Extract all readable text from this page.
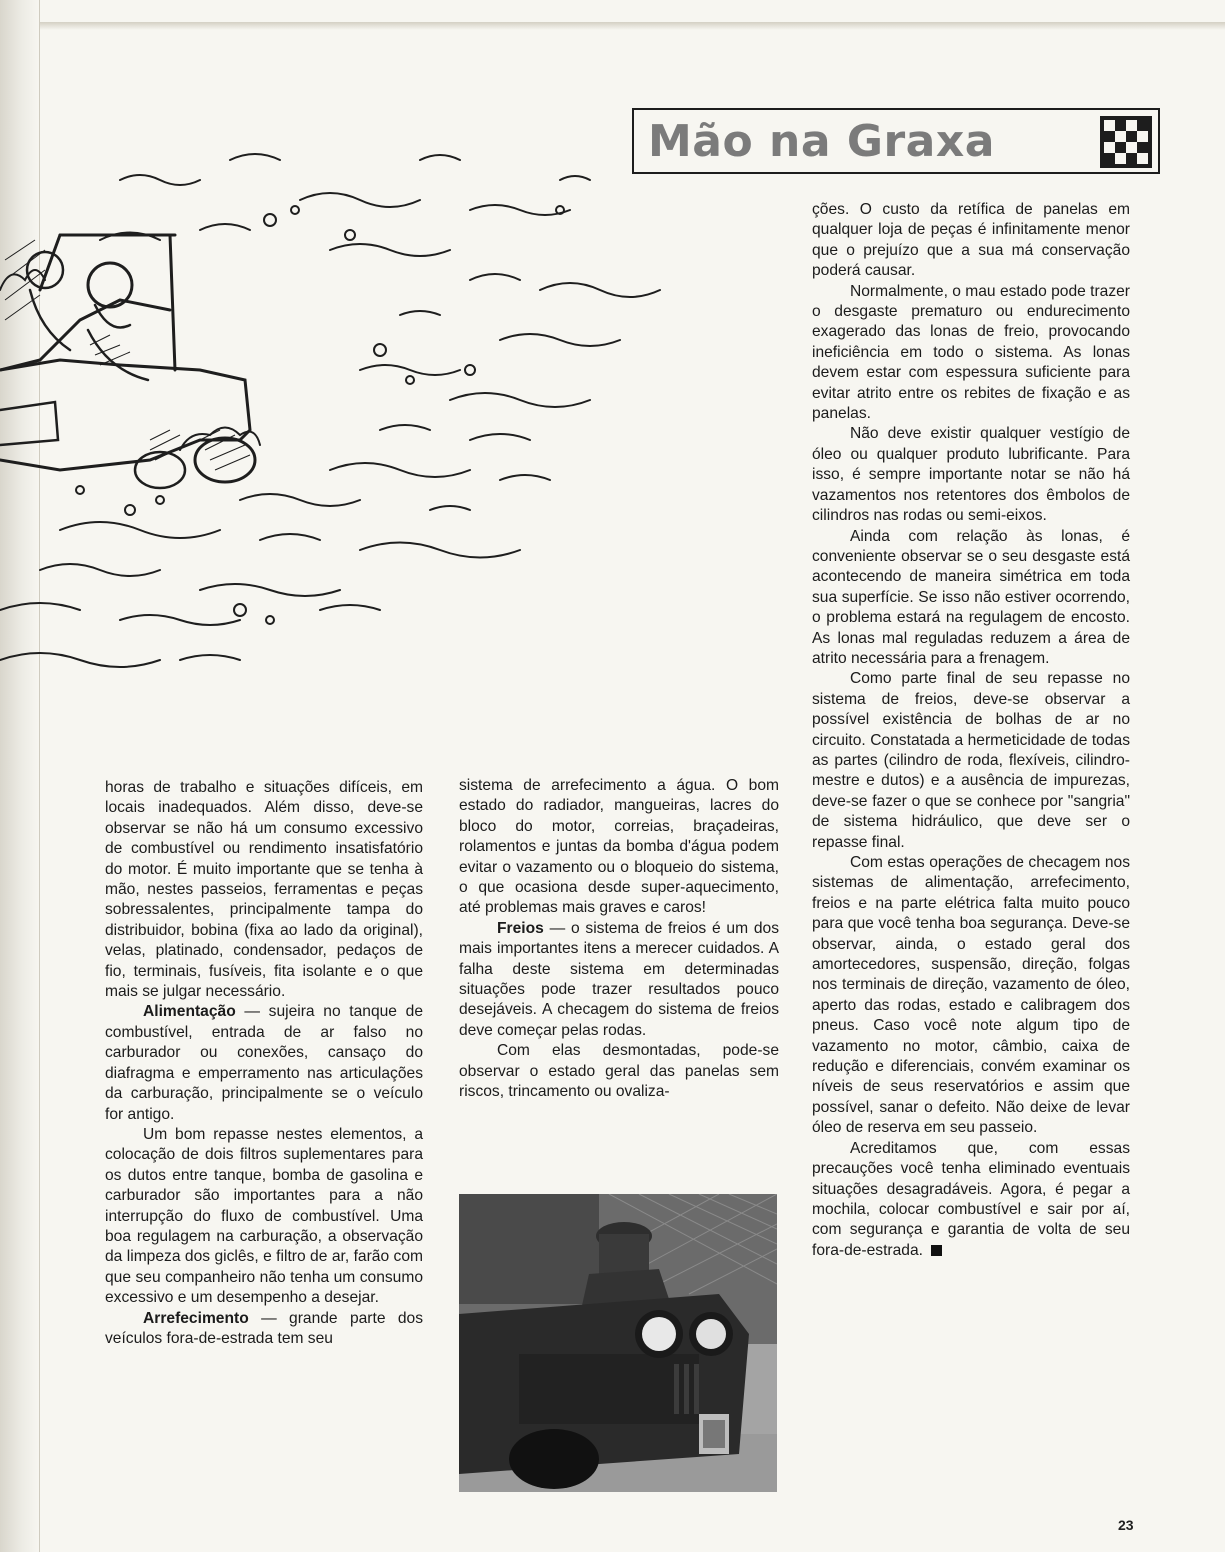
Mão na Graxa

horas de trabalho e situações difíceis, em locais inadequados. Além disso, deve-se observar se não há um consumo excessivo de combustível ou rendimento insatisfatório do motor. É muito importante que se tenha à mão, nestes passeios, ferramentas e peças sobressalentes, principalmente tampa do distribuidor, bobina (fixa ao lado da original), velas, platinado, condensador, pedaços de fio, terminais, fusíveis, fita isolante e o que mais se julgar necessário.

Alimentação — sujeira no tanque de combustível, entrada de ar falso no carburador ou conexões, cansaço do diafragma e emperramento nas articulações da carburação, principalmente se o veículo for antigo.

Um bom repasse nestes elementos, a colocação de dois filtros suplementares para os dutos entre tanque, bomba de gasolina e carburador são importantes para a não interrupção do fluxo de combustível. Uma boa regulagem na carburação, a observação da limpeza dos giclês, e filtro de ar, farão com que seu companheiro não tenha um consumo excessivo e um desempenho a desejar.

Arrefecimento — grande parte dos veículos fora-de-estrada tem seu

sistema de arrefecimento a água. O bom estado do radiador, mangueiras, lacres do bloco do motor, correias, braçadeiras, rolamentos e juntas da bomba d'água podem evitar o vazamento ou o bloqueio do sistema, o que ocasiona desde super-aquecimento, até problemas mais graves e caros!

Freios — o sistema de freios é um dos mais importantes itens a merecer cuidados. A falha deste sistema em determinadas situações pode trazer resultados pouco desejáveis. A checagem do sistema de freios deve começar pelas rodas.

Com elas desmontadas, pode-se observar o estado geral das panelas sem riscos, trincamento ou ovaliza-

ções. O custo da retífica de panelas em qualquer loja de peças é infinitamente menor que o prejuízo que a sua má conservação poderá causar.

Normalmente, o mau estado pode trazer o desgaste prematuro ou endurecimento exagerado das lonas de freio, provocando ineficiência em todo o sistema. As lonas devem estar com espessura suficiente para evitar atrito entre os rebites de fixação e as panelas.

Não deve existir qualquer vestígio de óleo ou qualquer produto lubrificante. Para isso, é sempre importante notar se não há vazamentos nos retentores dos êmbolos de cilindros nas rodas ou semi-eixos.

Ainda com relação às lonas, é conveniente observar se o seu desgaste está acontecendo de maneira simétrica em toda sua superfície. Se isso não estiver ocorrendo, o problema estará na regulagem de encosto. As lonas mal reguladas reduzem a área de atrito necessária para a frenagem.

Como parte final de seu repasse no sistema de freios, deve-se observar a possível existência de bolhas de ar no circuito. Constatada a hermeticidade de todas as partes (cilindro de roda, flexíveis, cilindro-mestre e dutos) e a ausência de impurezas, deve-se fazer o que se conhece por "sangria" de sistema hidráulico, que deve ser o repasse final.

Com estas operações de checagem nos sistemas de alimentação, arrefecimento, freios e na parte elétrica falta muito pouco para que você tenha boa segurança. Deve-se observar, ainda, o estado geral dos amortecedores, suspensão, direção, folgas nos terminais de direção, vazamento de óleo, aperto das rodas, estado e calibragem dos pneus. Caso você note algum tipo de vazamento no motor, câmbio, caixa de redução e diferenciais, convém examinar os níveis de seus reservatórios e assim que possível, sanar o defeito. Não deixe de levar óleo de reserva em seu passeio.

Acreditamos que, com essas precauções você tenha eliminado eventuais situações desagradáveis. Agora, é pegar a mochila, colocar combustível e sair por aí, com segurança e garantia de volta de seu fora-de-estrada.

23
